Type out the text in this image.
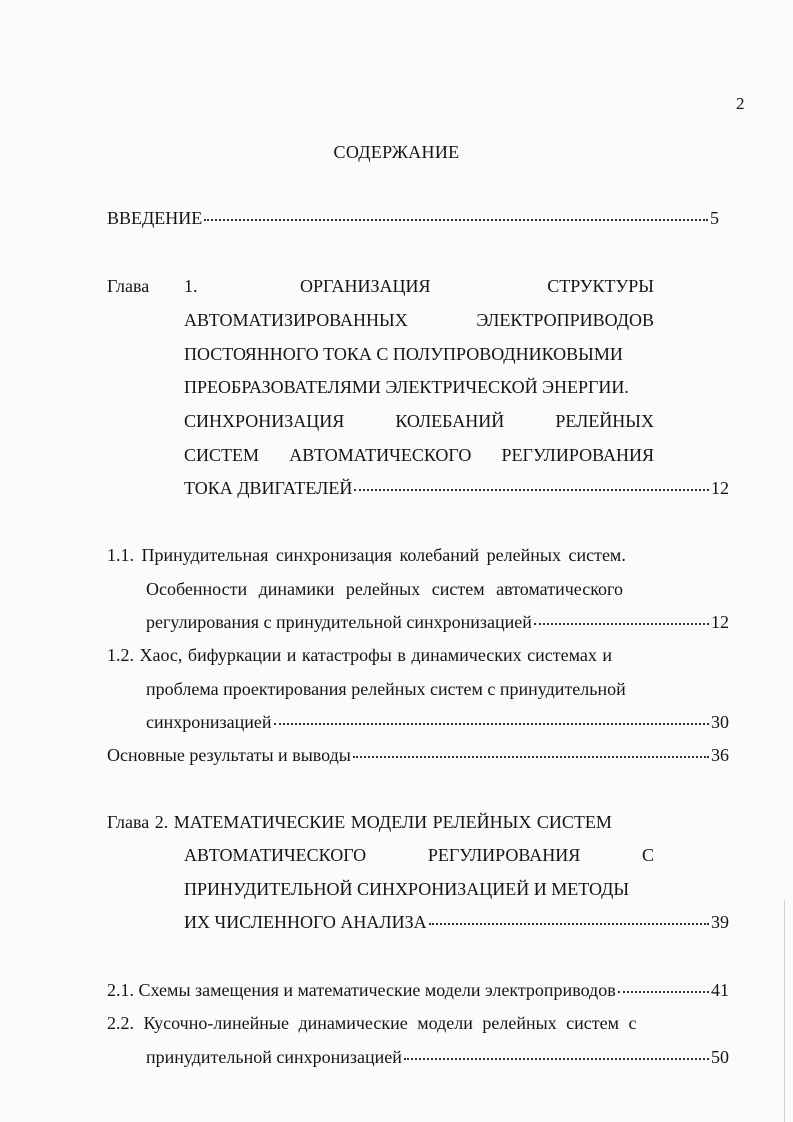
2
СОДЕРЖАНИЕ
ВВЕДЕНИЕ	5
Глава 1.	ОРГАНИЗАЦИЯ	СТРУКТУРЫ
АВТОМАТИЗИРОВАННЫХ	ЭЛЕКТРОПРИВОДОВ
ПОСТОЯННОГО ТОКА С ПОЛУПРОВОДНИКОВЫМИ
ПРЕОБРАЗОВАТЕЛЯМИ ЭЛЕКТРИЧЕСКОЙ ЭНЕРГИИ.
СИНХРОНИЗАЦИЯ	КОЛЕБАНИЙ	РЕЛЕЙНЫХ
СИСТЕМ АВТОМАТИЧЕСКОГО РЕГУЛИРОВАНИЯ
ТОКА ДВИГАТЕЛЕЙ	12
1.1. Принудительная синхронизация колебаний релейных систем.
Особенности динамики релейных систем автоматического
регулирования с принудительной синхронизацией	12
1.2. Хаос, бифуркации и катастрофы в динамических системах и
проблема проектирования релейных систем с принудительной
синхронизацией	30
Основные результаты и выводы	36
Глава 2. МАТЕМАТИЧЕСКИЕ МОДЕЛИ РЕЛЕЙНЫХ СИСТЕМ
АВТОМАТИЧЕСКОГО	РЕГУЛИРОВАНИЯ	С
ПРИНУДИТЕЛЬНОЙ СИНХРОНИЗАЦИЕЙ И МЕТОДЫ
ИХ ЧИСЛЕННОГО АНАЛИЗА	39
2.1. Схемы замещения и математические модели электроприводов	41
2.2. Кусочно-линейные динамические модели релейных систем с
принудительной синхронизацией	50
